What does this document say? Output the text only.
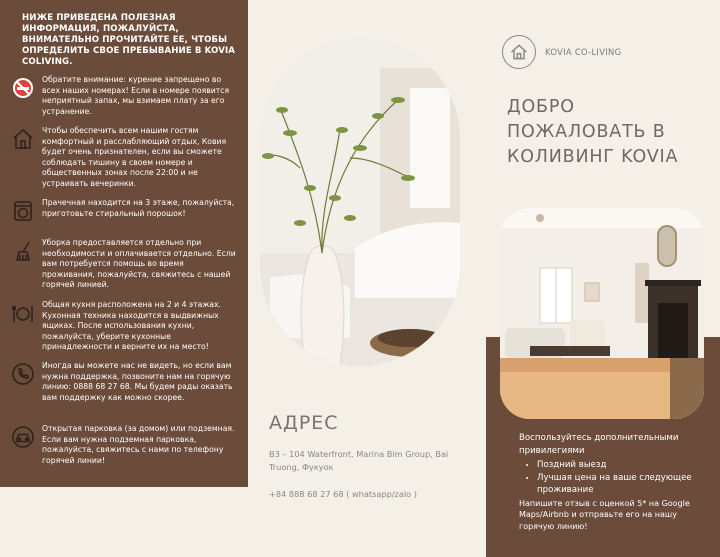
НИЖЕ ПРИВЕДЕНА ПОЛЕЗНАЯ ИНФОРМАЦИЯ, ПОЖАЛУЙСТА, ВНИМАТЕЛЬНО ПРОЧИТАЙТЕ ЕЕ, ЧТОБЫ ОПРЕДЕЛИТЬ СВОЕ ПРЕБЫВАНИЕ В KOVIA COLIVING.
Обратите внимание: курение запрещено во всех наших номерах! Если в номере появится неприятный запах, мы взимаем плату за его устранение.
Чтобы обеспечить всем нашим гостям комфортный и расслабляющий отдых, Ковия будет очень признателен, если вы сможете соблюдать тишину в своем номере и общественных зонах после 22:00 и не устраивать вечеринки.
Прачечная находится на 3 этаже, пожалуйста, приготовьте стиральный порошок!
Уборка предоставляется отдельно при необходимости и оплачивается отдельно. Если вам потребуется помощь во время проживания, пожалуйста, свяжитесь с нашей горячей линией.
Общая кухня расположена на 2 и 4 этажах. Кухонная техника находится в выдвижных ящиках. После использования кухни, пожалуйста, уберите кухонные принадлежности и верните их на место!
Иногда вы можете нас не видеть, но если вам нужна поддержка, позвоните нам на горячую линию: 0888 68 27 68. Мы будем рады оказать вам поддержку как можно скорее.
Открытая парковка (за домом) или подземная. Если вам нужна подземная парковка, пожалуйста, свяжитесь с нами по телефону горячей линии!
АДРЕС
B3 – 104 Waterfront, Marina Bim Group, Bai Truong, Фукуок
+84 888 68 27 68 ( whatsapp/zalo )
KOVIA CO-LIVING
ДОБРО ПОЖАЛОВАТЬ В КОЛИВИНГ KOVIA
Воспользуйтесь дополнительными привилегиями
• Поздний выезд
• Лучшая цена на ваше следующее проживание
Напишите отзыв с оценкой 5* на Google Maps/Airbnb и отправьте его на нашу горячую линию!
